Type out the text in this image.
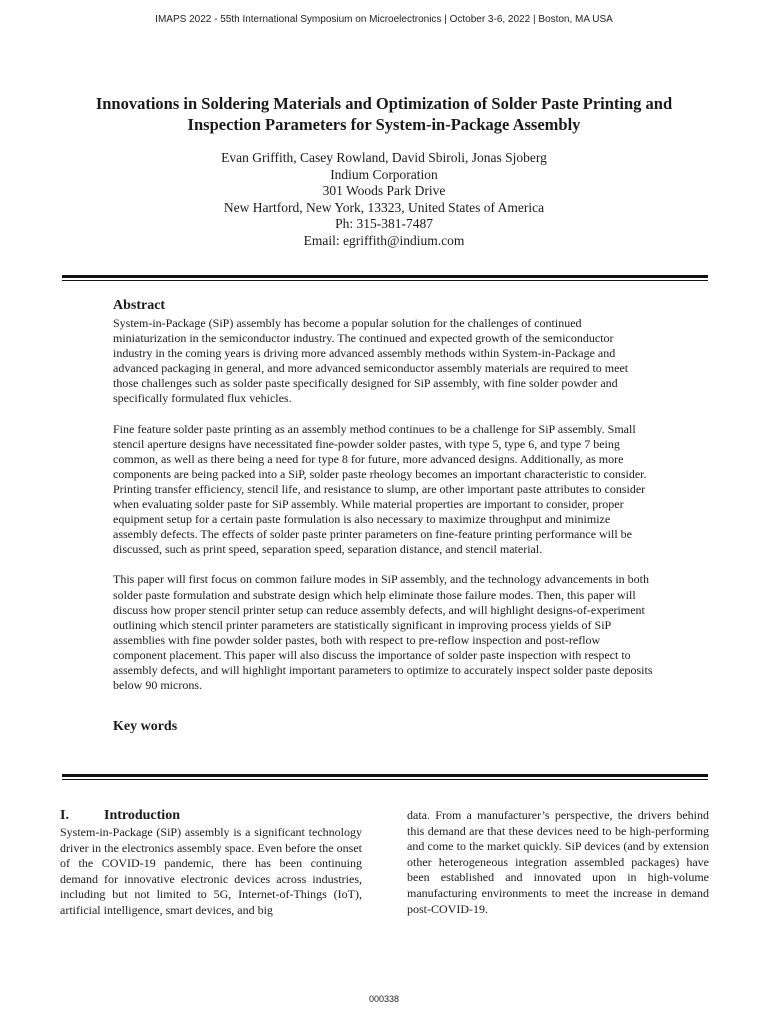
IMAPS 2022 - 55th International Symposium on Microelectronics | October 3-6, 2022 | Boston, MA USA
Innovations in Soldering Materials and Optimization of Solder Paste Printing and Inspection Parameters for System-in-Package Assembly
Evan Griffith, Casey Rowland, David Sbiroli, Jonas Sjoberg
Indium Corporation
301 Woods Park Drive
New Hartford, New York, 13323, United States of America
Ph: 315-381-7487
Email: egriffith@indium.com
Abstract

System-in-Package (SiP) assembly has become a popular solution for the challenges of continued miniaturization in the semiconductor industry. The continued and expected growth of the semiconductor industry in the coming years is driving more advanced assembly methods within System-in-Package and advanced packaging in general, and more advanced semiconductor assembly materials are required to meet those challenges such as solder paste specifically designed for SiP assembly, with fine solder powder and specifically formulated flux vehicles.

Fine feature solder paste printing as an assembly method continues to be a challenge for SiP assembly. Small stencil aperture designs have necessitated fine-powder solder pastes, with type 5, type 6, and type 7 being common, as well as there being a need for type 8 for future, more advanced designs. Additionally, as more components are being packed into a SiP, solder paste rheology becomes an important characteristic to consider. Printing transfer efficiency, stencil life, and resistance to slump, are other important paste attributes to consider when evaluating solder paste for SiP assembly. While material properties are important to consider, proper equipment setup for a certain paste formulation is also necessary to maximize throughput and minimize assembly defects. The effects of solder paste printer parameters on fine-feature printing performance will be discussed, such as print speed, separation speed, separation distance, and stencil material.

This paper will first focus on common failure modes in SiP assembly, and the technology advancements in both solder paste formulation and substrate design which help eliminate those failure modes. Then, this paper will discuss how proper stencil printer setup can reduce assembly defects, and will highlight designs-of-experiment outlining which stencil printer parameters are statistically significant in improving process yields of SiP assemblies with fine powder solder pastes, both with respect to pre-reflow inspection and post-reflow component placement. This paper will also discuss the importance of solder paste inspection with respect to assembly defects, and will highlight important parameters to optimize to accurately inspect solder paste deposits below 90 microns.

Key words
I.	Introduction

System-in-Package (SiP) assembly is a significant technology driver in the electronics assembly space. Even before the onset of the COVID-19 pandemic, there has been continuing demand for innovative electronic devices across industries, including but not limited to 5G, Internet-of-Things (IoT), artificial intelligence, smart devices, and big

data. From a manufacturer’s perspective, the drivers behind this demand are that these devices need to be high-performing and come to the market quickly. SiP devices (and by extension other heterogeneous integration assembled packages) have been established and innovated upon in high-volume manufacturing environments to meet the increase in demand post-COVID-19.

000338
